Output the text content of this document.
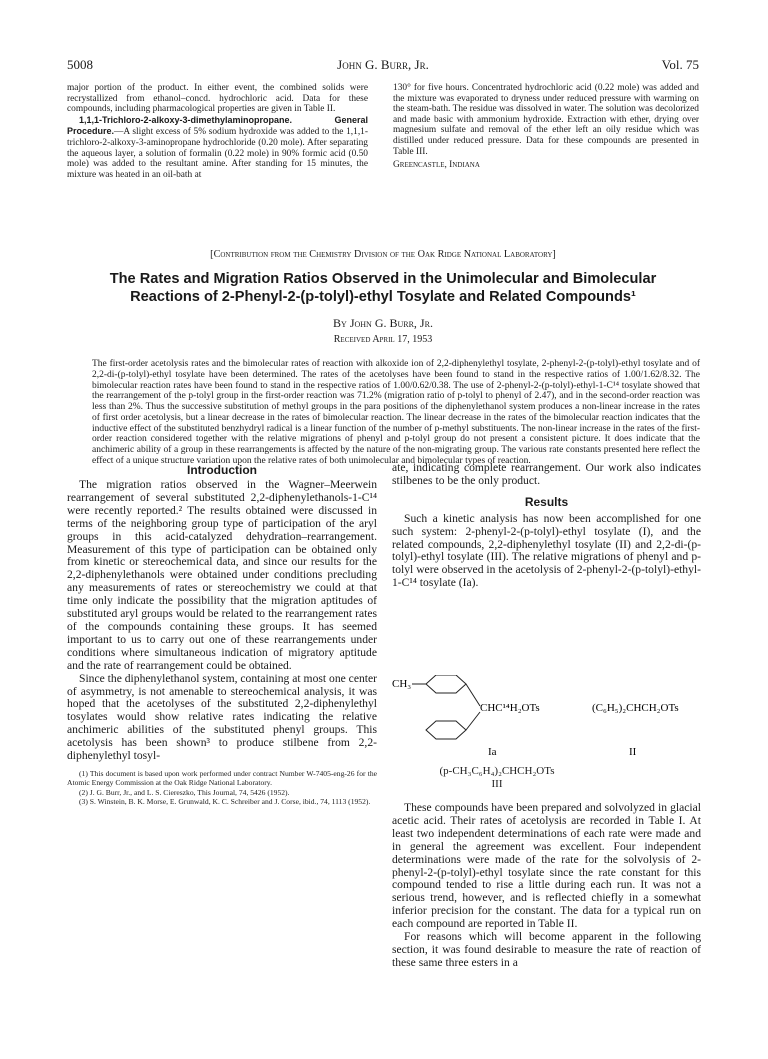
5008	John G. Burr, Jr.	Vol. 75

major portion of the product. In either event, the combined solids were recrystallized from ethanol–concd. hydrochloric acid. Data for these compounds, including pharmacological properties are given in Table II.

1,1,1-Trichloro-2-alkoxy-3-dimethylaminopropane. General Procedure.—A slight excess of 5% sodium hydroxide was added to the 1,1,1-trichloro-2-alkoxy-3-aminopropane hydrochloride (0.20 mole). After separating the aqueous layer, a solution of formalin (0.22 mole) in 90% formic acid (0.50 mole) was added to the resultant amine. After standing for 15 minutes, the mixture was heated in an oil-bath at

130° for five hours. Concentrated hydrochloric acid (0.22 mole) was added and the mixture was evaporated to dryness under reduced pressure with warming on the steam-bath. The residue was dissolved in water. The solution was decolorized and made basic with ammonium hydroxide. Extraction with ether, drying over magnesium sulfate and removal of the ether left an oily residue which was distilled under reduced pressure. Data for these compounds are presented in Table III.

Greencastle, Indiana

[Contribution from the Chemistry Division of the Oak Ridge National Laboratory]
The Rates and Migration Ratios Observed in the Unimolecular and Bimolecular Reactions of 2-Phenyl-2-(p-tolyl)-ethyl Tosylate and Related Compounds¹
By John G. Burr, Jr.
Received April 17, 1953
The first-order acetolysis rates and the bimolecular rates of reaction with alkoxide ion of 2,2-diphenylethyl tosylate, 2-phenyl-2-(p-tolyl)-ethyl tosylate and of 2,2-di-(p-tolyl)-ethyl tosylate have been determined. The rates of the acetolyses have been found to stand in the respective ratios of 1.00/1.62/8.32. The bimolecular reaction rates have been found to stand in the respective ratios of 1.00/0.62/0.38. The use of 2-phenyl-2-(p-tolyl)-ethyl-1-C¹⁴ tosylate showed that the rearrangement of the p-tolyl group in the first-order reaction was 71.2% (migration ratio of p-tolyl to phenyl of 2.47), and in the second-order reaction was less than 2%. Thus the successive substitution of methyl groups in the para positions of the diphenylethanol system produces a non-linear increase in the rates of first order acetolysis, but a linear decrease in the rates of bimolecular reaction. The linear decrease in the rates of the bimolecular reaction indicates that the inductive effect of the substituted benzhydryl radical is a linear function of the number of p-methyl substituents. The non-linear increase in the rates of the first-order reaction considered together with the relative migrations of phenyl and p-tolyl group do not present a consistent picture. It does indicate that the anchimeric ability of a group in these rearrangements is affected by the nature of the non-migrating group. The various rate constants presented here reflect the effect of a unique structure variation upon the relative rates of both unimolecular and bimolecular types of reaction.
Introduction

The migration ratios observed in the Wagner–Meerwein rearrangement of several substituted 2,2-diphenylethanols-1-C¹⁴ were recently reported.² The results obtained were discussed in terms of the neighboring group type of participation of the aryl groups in this acid-catalyzed dehydration–rearrangement. Measurement of this type of participation can be obtained only from kinetic or stereochemical data, and since our results for the 2,2-diphenylethanols were obtained under conditions precluding any measurements of rates or stereochemistry we could at that time only indicate the possibility that the migration aptitudes of substituted aryl groups would be related to the rearrangement rates of the compounds containing these groups. It has seemed important to us to carry out one of these rearrangements under conditions where simultaneous indication of migratory aptitude and the rate of rearrangement could be obtained.

Since the diphenylethanol system, containing at most one center of asymmetry, is not amenable to stereochemical analysis, it was hoped that the acetolyses of the substituted 2,2-diphenylethyl tosylates would show relative rates indicating the relative anchimeric abilities of the substituted phenyl groups. This acetolysis has been shown³ to produce stilbene from 2,2-diphenylethyl tosyl-

(1) This document is based upon work performed under contract Number W-7405-eng-26 for the Atomic Energy Commission at the Oak Ridge National Laboratory.

(2) J. G. Burr, Jr., and L. S. Ciereszko, This Journal, 74, 5426 (1952).

(3) S. Winstein, B. K. Morse, E. Grunwald, K. C. Schreiber and J. Corse, ibid., 74, 1113 (1952).

ate, indicating complete rearrangement. Our work also indicates stilbenes to be the only product.

Results

Such a kinetic analysis has now been accomplished for one such system: 2-phenyl-2-(p-tolyl)-ethyl tosylate (I), and the related compounds, 2,2-diphenylethyl tosylate (II) and 2,2-di-(p-tolyl)-ethyl tosylate (III). The relative migrations of phenyl and p-tolyl were observed in the acetolysis of 2-phenyl-2-(p-tolyl)-ethyl-1-C¹⁴ tosylate (Ia).

CH₃
CHC¹⁴H₂OTs
Ia
(C₆H₅)₂CHCH₂OTs
II
(p-CH₃C₆H₄)₂CHCH₂OTs
III

These compounds have been prepared and solvolyzed in glacial acetic acid. Their rates of acetolysis are recorded in Table I. At least two independent determinations of each rate were made and in general the agreement was excellent. Four independent determinations were made of the rate for the solvolysis of 2-phenyl-2-(p-tolyl)-ethyl tosylate since the rate constant for this compound tended to rise a little during each run. It was not a serious trend, however, and is reflected chiefly in a somewhat inferior precision for the constant. The data for a typical run on each compound are reported in Table II.

For reasons which will become apparent in the following section, it was found desirable to measure the rate of reaction of these same three esters in a
